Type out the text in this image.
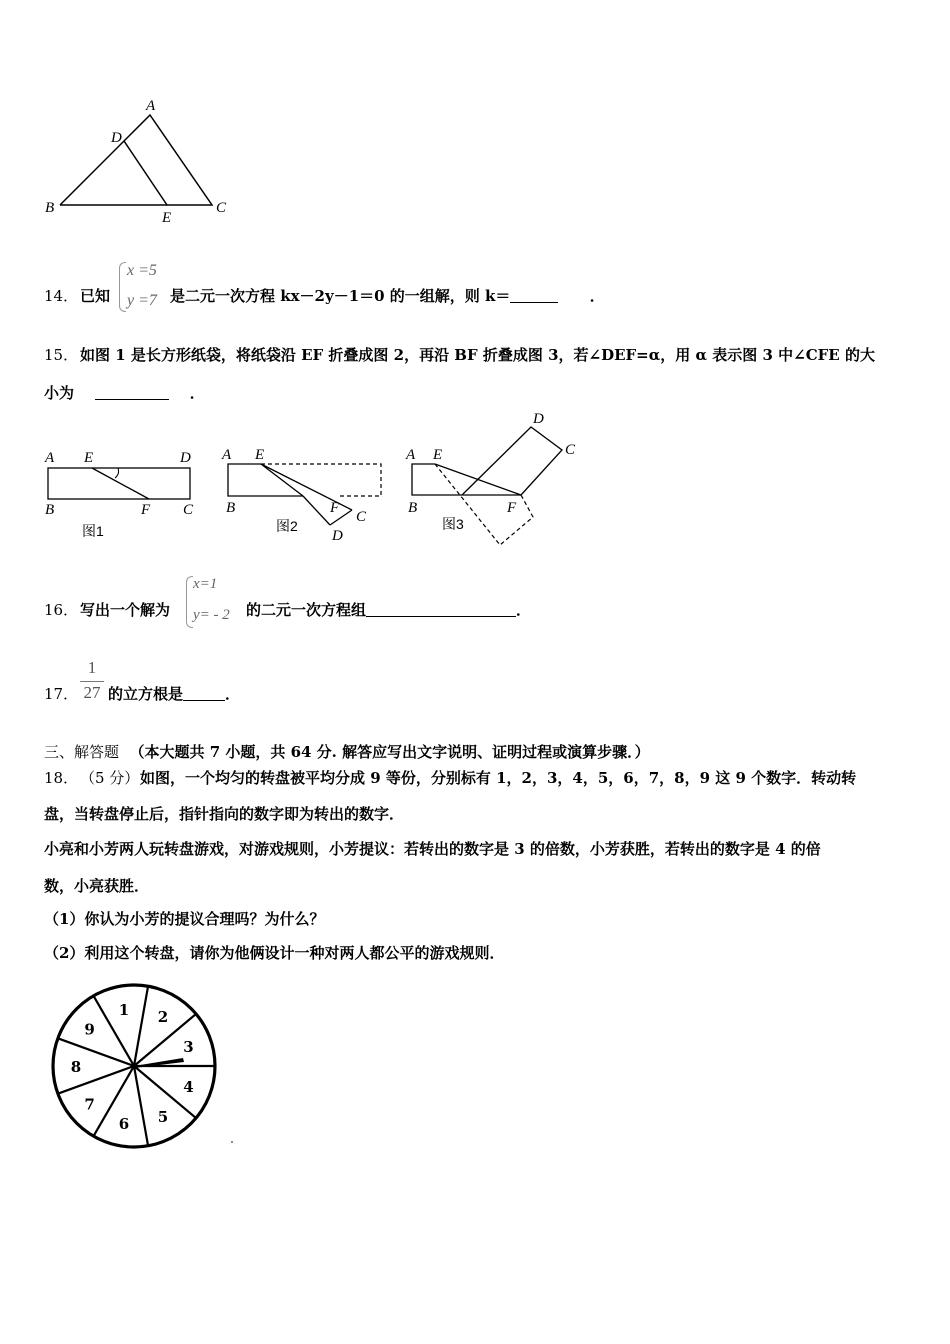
A
D
B
E
C
14． 已知
x =5
y =7 是二元一次方程 kx－2y－1＝0 的一组解，则 k＝	．
15． 如图 1 是长方形纸袋，将纸袋沿 EF 折叠成图 2，再沿 BF 折叠成图 3，若∠DEF=α，用 α 表示图 3 中∠CFE 的大
小为	．
A E	D
B	F C
图1
A E
B	F
C
D
图2
A E
D
C
B	F
图3
16． 写出一个解为
x=1
y= - 2 的二元一次方程组	．
17．
1
27 的立方根是	．
三、解答题 （本大题共 7 小题，共 64 分. 解答应写出文字说明、证明过程或演算步骤．）
18． （5 分） 如图，一个均匀的转盘被平均分成 9 等份，分别标有 1，2，3，4，5，6，7，8，9 这 9 个数字．转动转
盘，当转盘停止后，指针指向的数字即为转出的数字．
小亮和小芳两人玩转盘游戏，对游戏规则，小芳提议：若转出的数字是 3 的倍数，小芳获胜，若转出的数字是 4 的倍
数，小亮获胜．
（1）你认为小芳的提议合理吗？为什么？
（2）利用这个转盘，请你为他俩设计一种对两人都公平的游戏规则．
1 2
3
4
5
6
7
8
9
